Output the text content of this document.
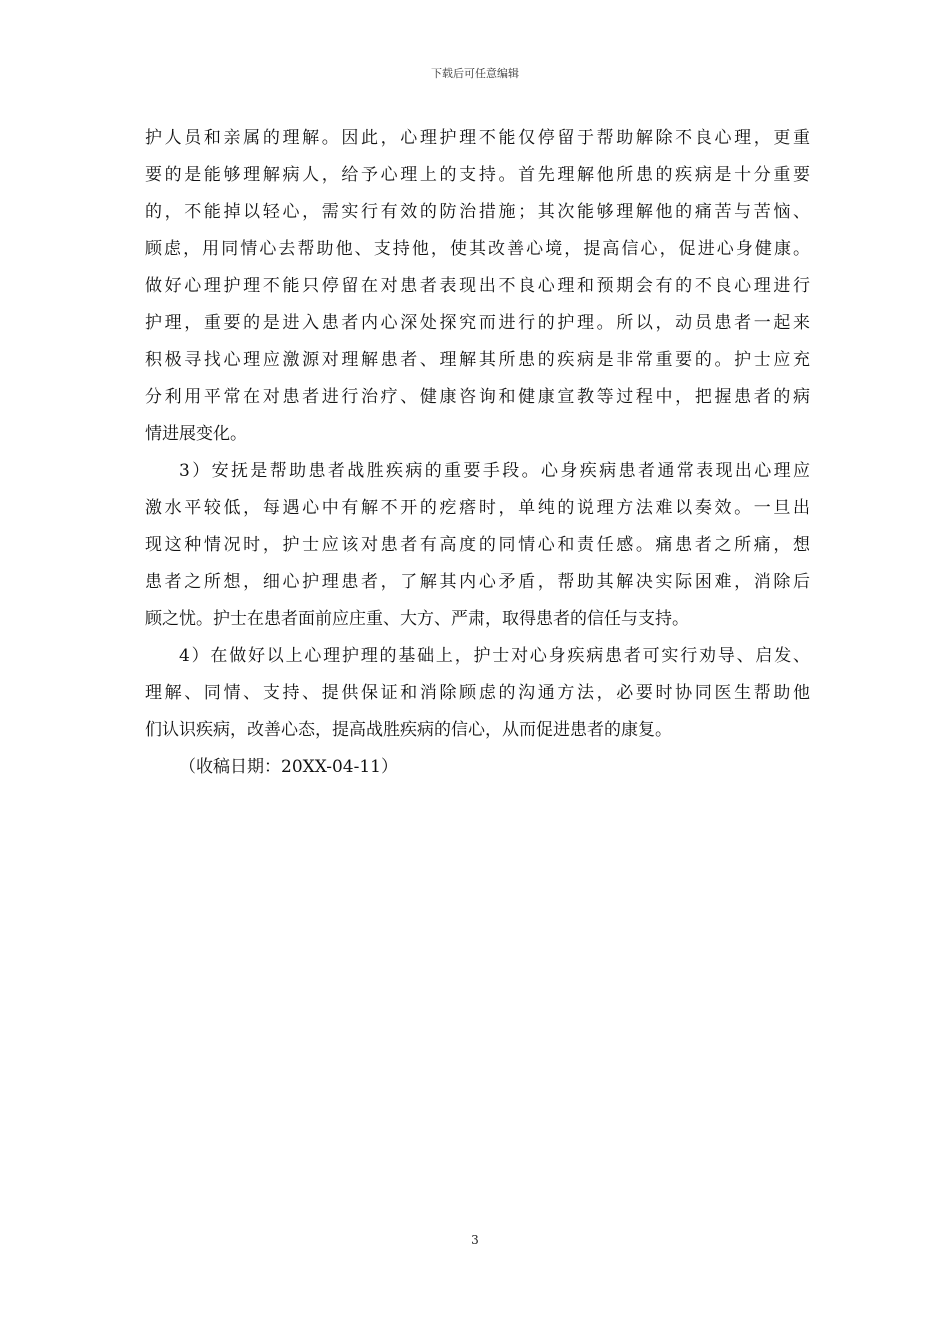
下载后可任意编辑
护人员和亲属的理解。因此，心理护理不能仅停留于帮助解除不良心理，更重
要的是能够理解病人，给予心理上的支持。首先理解他所患的疾病是十分重要
的，不能掉以轻心，需实行有效的防治措施；其次能够理解他的痛苦与苦恼、
顾虑，用同情心去帮助他、支持他，使其改善心境，提高信心，促进心身健康。
做好心理护理不能只停留在对患者表现出不良心理和预期会有的不良心理进行
护理，重要的是进入患者内心深处探究而进行的护理。所以，动员患者一起来
积极寻找心理应激源对理解患者、理解其所患的疾病是非常重要的。护士应充
分利用平常在对患者进行治疗、健康咨询和健康宣教等过程中，把握患者的病
情进展变化。
3）安抚是帮助患者战胜疾病的重要手段。心身疾病患者通常表现出心理应
激水平较低，每遇心中有解不开的疙瘩时，单纯的说理方法难以奏效。一旦出
现这种情况时，护士应该对患者有高度的同情心和责任感。痛患者之所痛，想
患者之所想，细心护理患者，了解其内心矛盾，帮助其解决实际困难，消除后
顾之忧。护士在患者面前应庄重、大方、严肃，取得患者的信任与支持。
4）在做好以上心理护理的基础上，护士对心身疾病患者可实行劝导、启发、
理解、同情、支持、提供保证和消除顾虑的沟通方法，必要时协同医生帮助他
们认识疾病，改善心态，提高战胜疾病的信心，从而促进患者的康复。
（收稿日期：20XX-04-11）
3
